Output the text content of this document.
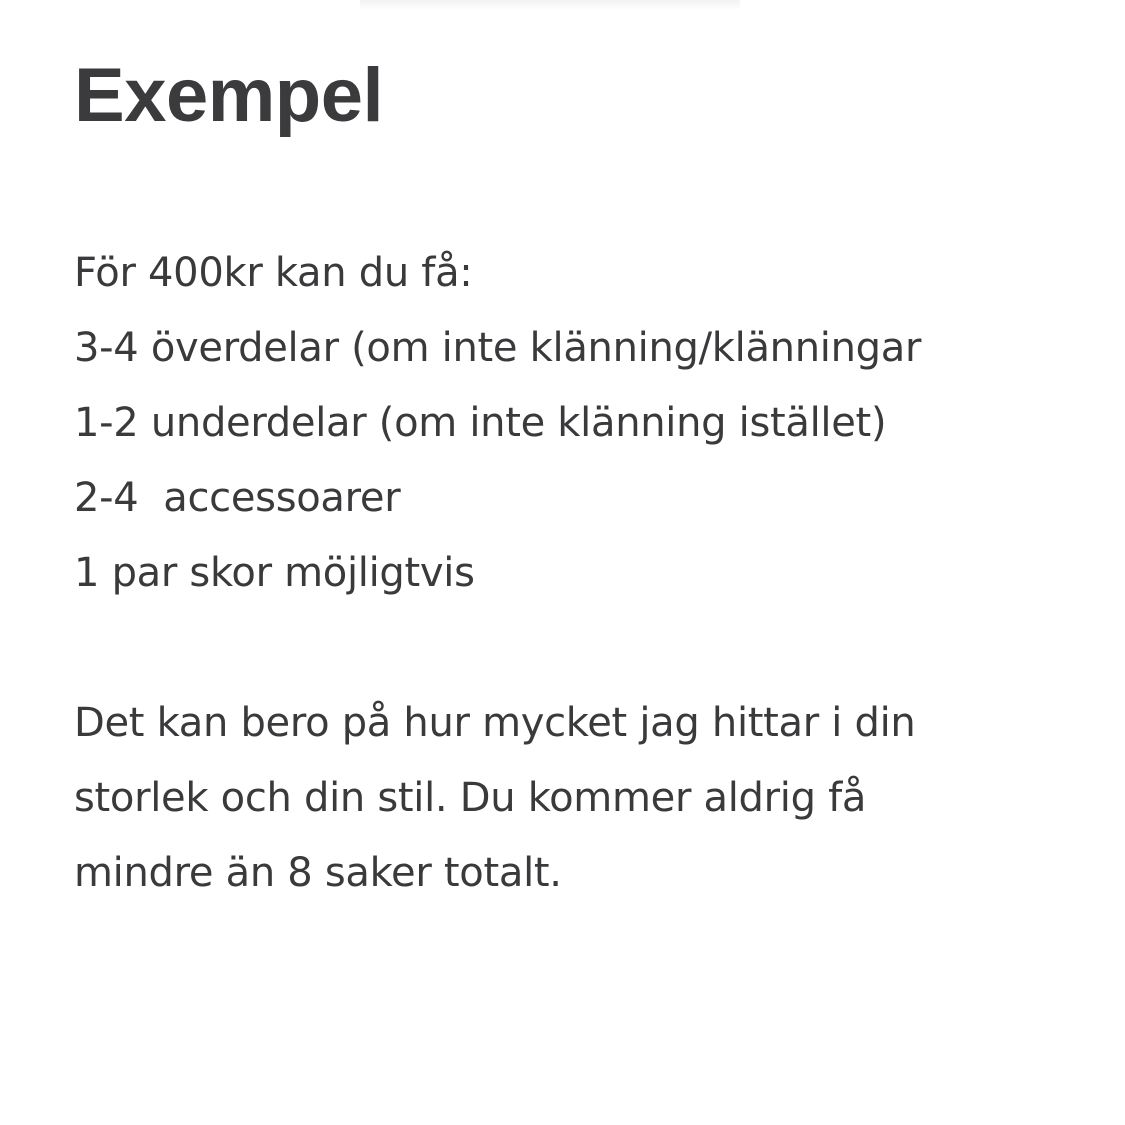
Exempel
För 400kr kan du få:
3-4 överdelar (om inte klänning/klänningar
1-2 underdelar (om inte klänning istället)
2-4  accessoarer
1 par skor möjligtvis
Det kan bero på hur mycket jag hittar i din
storlek och din stil. Du kommer aldrig få
mindre än 8 saker totalt.
